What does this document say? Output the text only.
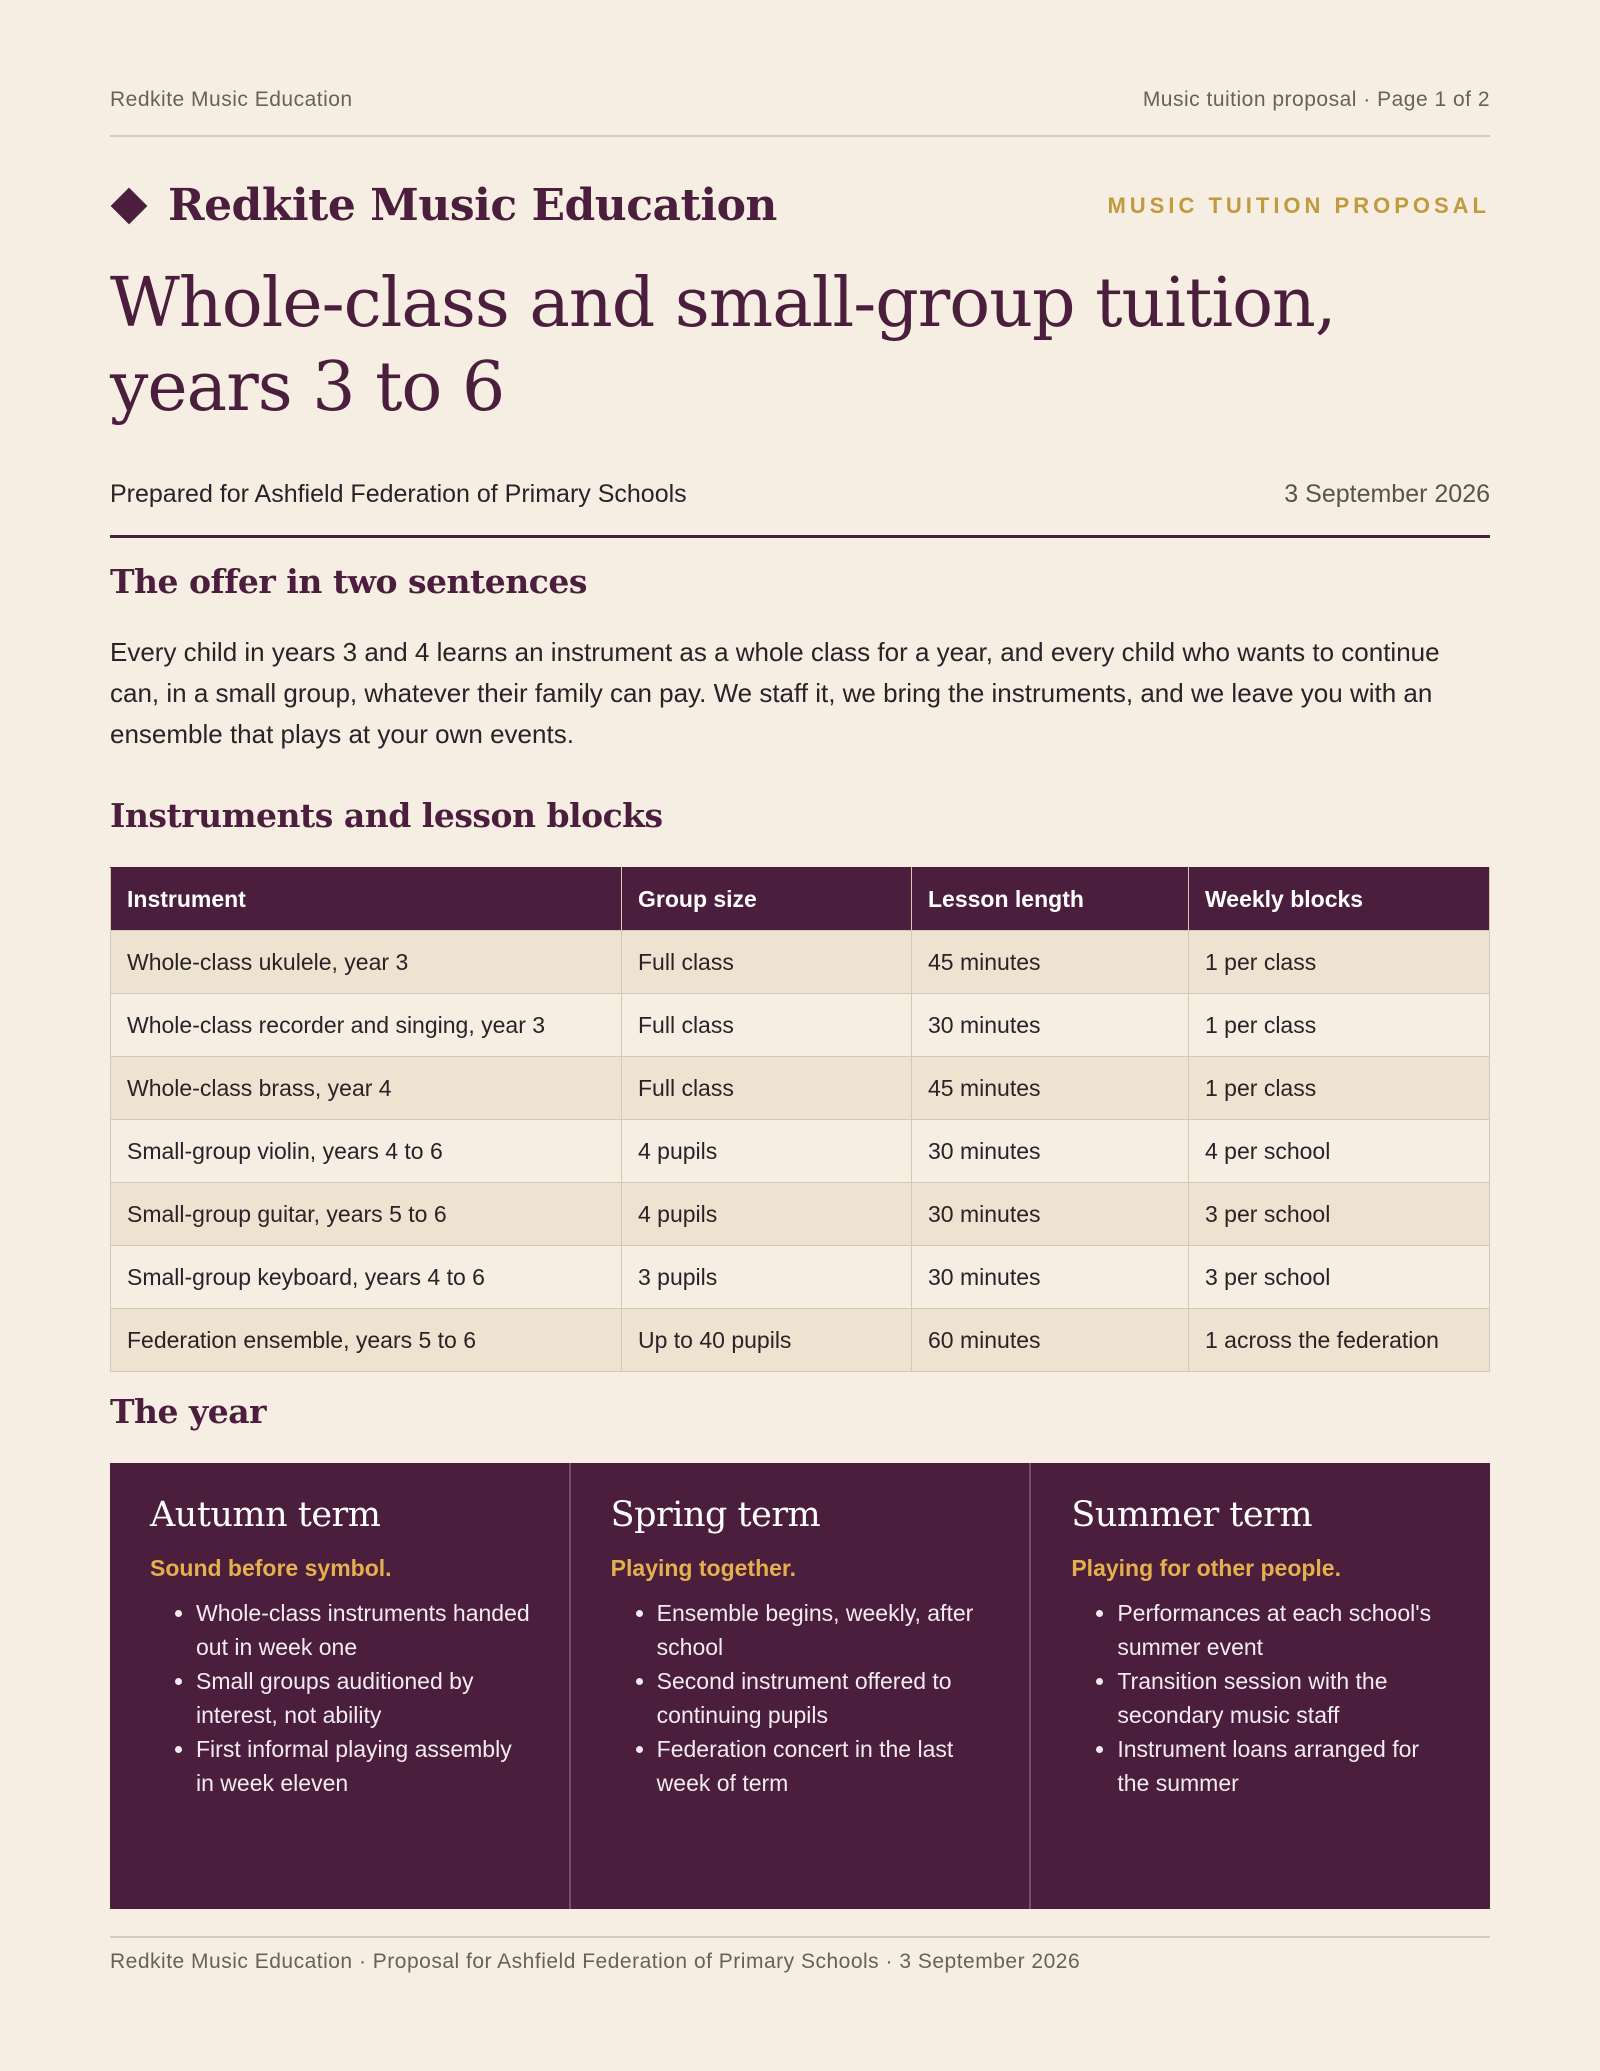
Redkite Music Education	Music tuition proposal · Page 1 of 2
Redkite Music Education	MUSIC TUITION PROPOSAL
Whole-class and small-group tuition, years 3 to 6
Prepared for Ashfield Federation of Primary Schools	3 September 2026
The offer in two sentences

Every child in years 3 and 4 learns an instrument as a whole class for a year, and every child who wants to continue can, in a small group, whatever their family can pay. We staff it, we bring the instruments, and we leave you with an ensemble that plays at your own events.

Instruments and lesson blocks
Instrument	Group size	Lesson length	Weekly blocks
Whole-class ukulele, year 3	Full class	45 minutes	1 per class
Whole-class recorder and singing, year 3	Full class	30 minutes	1 per class
Whole-class brass, year 4	Full class	45 minutes	1 per class
Small-group violin, years 4 to 6	4 pupils	30 minutes	4 per school
Small-group guitar, years 5 to 6	4 pupils	30 minutes	3 per school
Small-group keyboard, years 4 to 6	3 pupils	30 minutes	3 per school
Federation ensemble, years 5 to 6	Up to 40 pupils	60 minutes	1 across the federation
The year
Autumn term
Sound before symbol.
• Whole-class instruments handed out in week one
• Small groups auditioned by interest, not ability
• First informal playing assembly in week eleven
Spring term
Playing together.
• Ensemble begins, weekly, after school
• Second instrument offered to continuing pupils
• Federation concert in the last week of term
Summer term
Playing for other people.
• Performances at each school's summer event
• Transition session with the secondary music staff
• Instrument loans arranged for the summer
Redkite Music Education · Proposal for Ashfield Federation of Primary Schools · 3 September 2026
